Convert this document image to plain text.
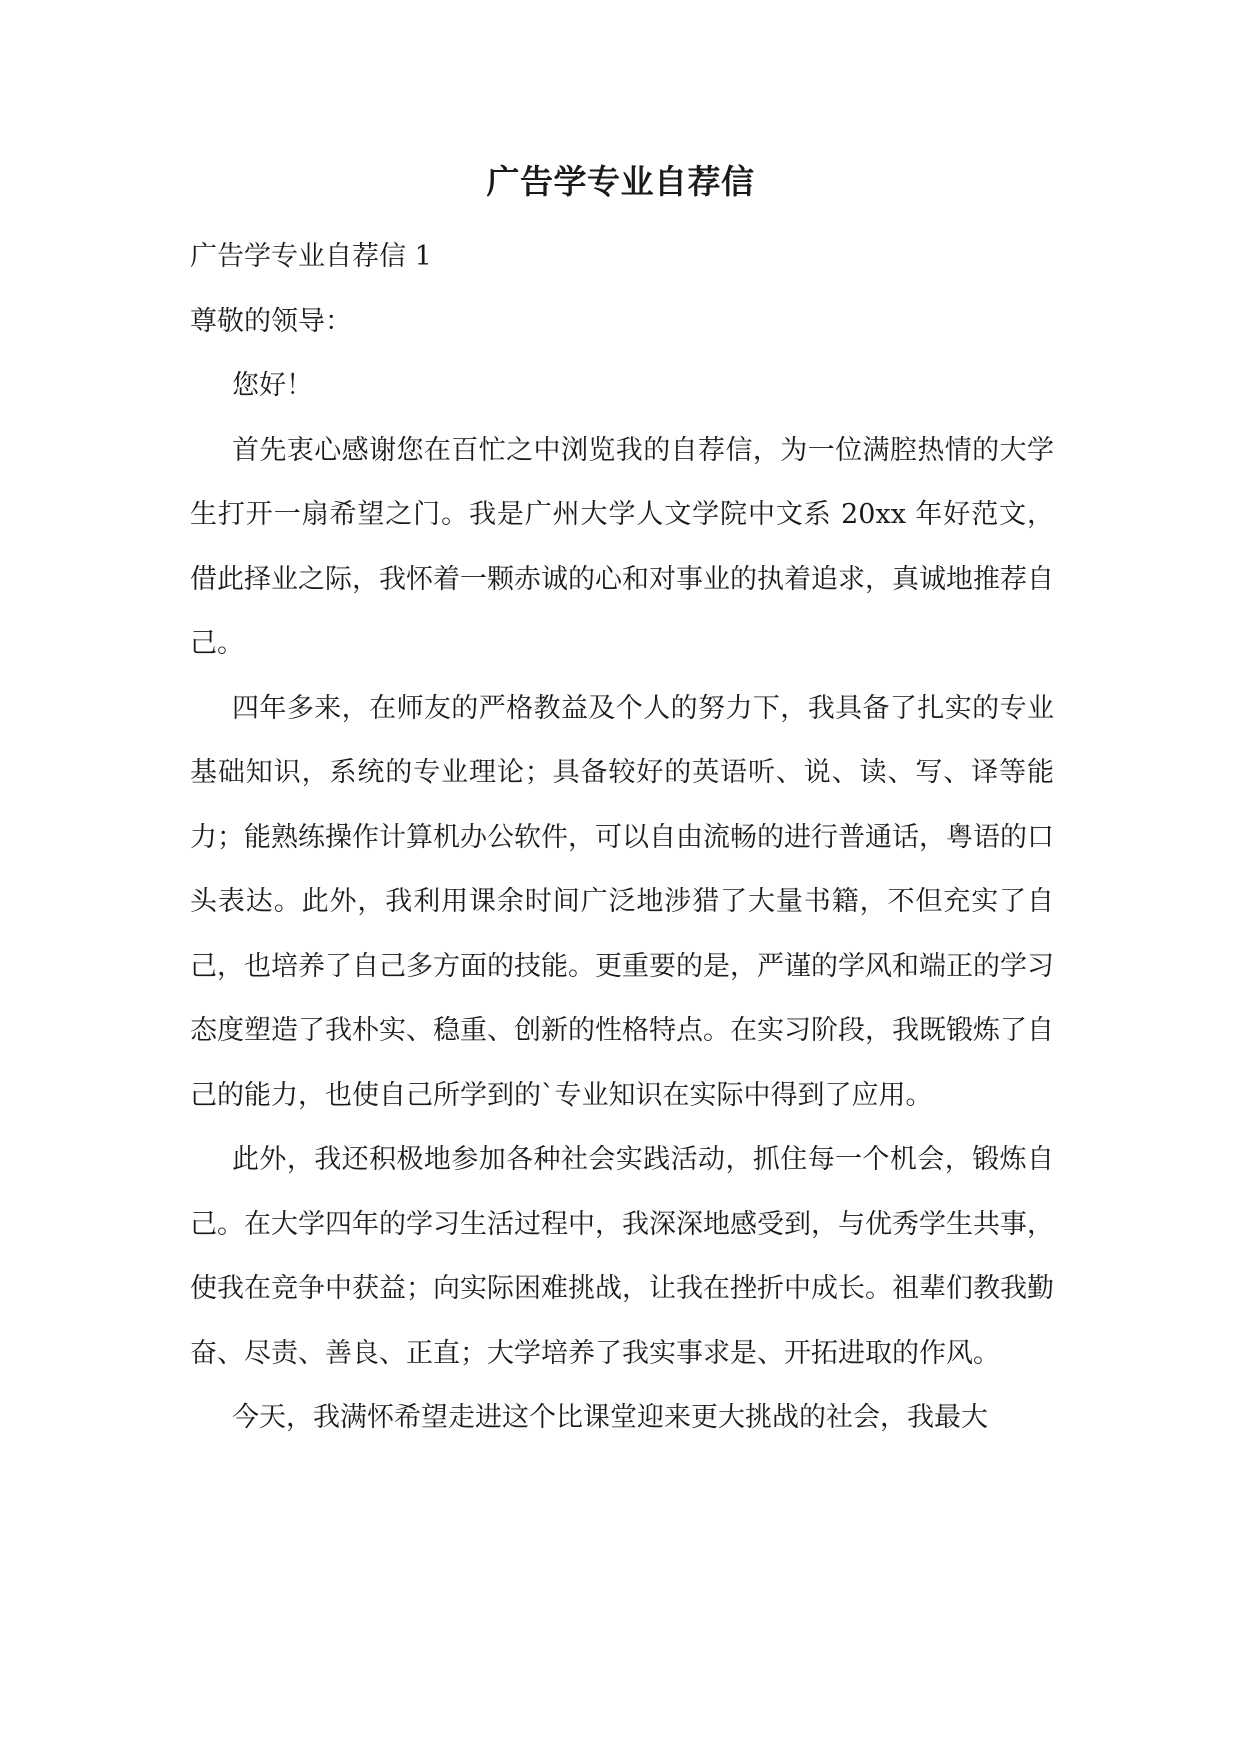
广告学专业自荐信

广告学专业自荐信 1

尊敬的领导：

您好！

首先衷心感谢您在百忙之中浏览我的自荐信，为一位满腔热情的大学生打开一扇希望之门。我是广州大学人文学院中文系 20xx 年好范文，借此择业之际，我怀着一颗赤诚的心和对事业的执着追求，真诚地推荐自己。

四年多来，在师友的严格教益及个人的努力下，我具备了扎实的专业基础知识，系统的专业理论；具备较好的英语听、说、读、写、译等能力；能熟练操作计算机办公软件，可以自由流畅的进行普通话，粤语的口头表达。此外，我利用课余时间广泛地涉猎了大量书籍，不但充实了自己，也培养了自己多方面的技能。更重要的是，严谨的学风和端正的学习态度塑造了我朴实、稳重、创新的性格特点。在实习阶段，我既锻炼了自己的能力，也使自己所学到的`专业知识在实际中得到了应用。

此外，我还积极地参加各种社会实践活动，抓住每一个机会，锻炼自己。在大学四年的学习生活过程中，我深深地感受到，与优秀学生共事，使我在竞争中获益；向实际困难挑战，让我在挫折中成长。祖辈们教我勤奋、尽责、善良、正直；大学培养了我实事求是、开拓进取的作风。

今天，我满怀希望走进这个比课堂迎来更大挑战的社会，我最大
